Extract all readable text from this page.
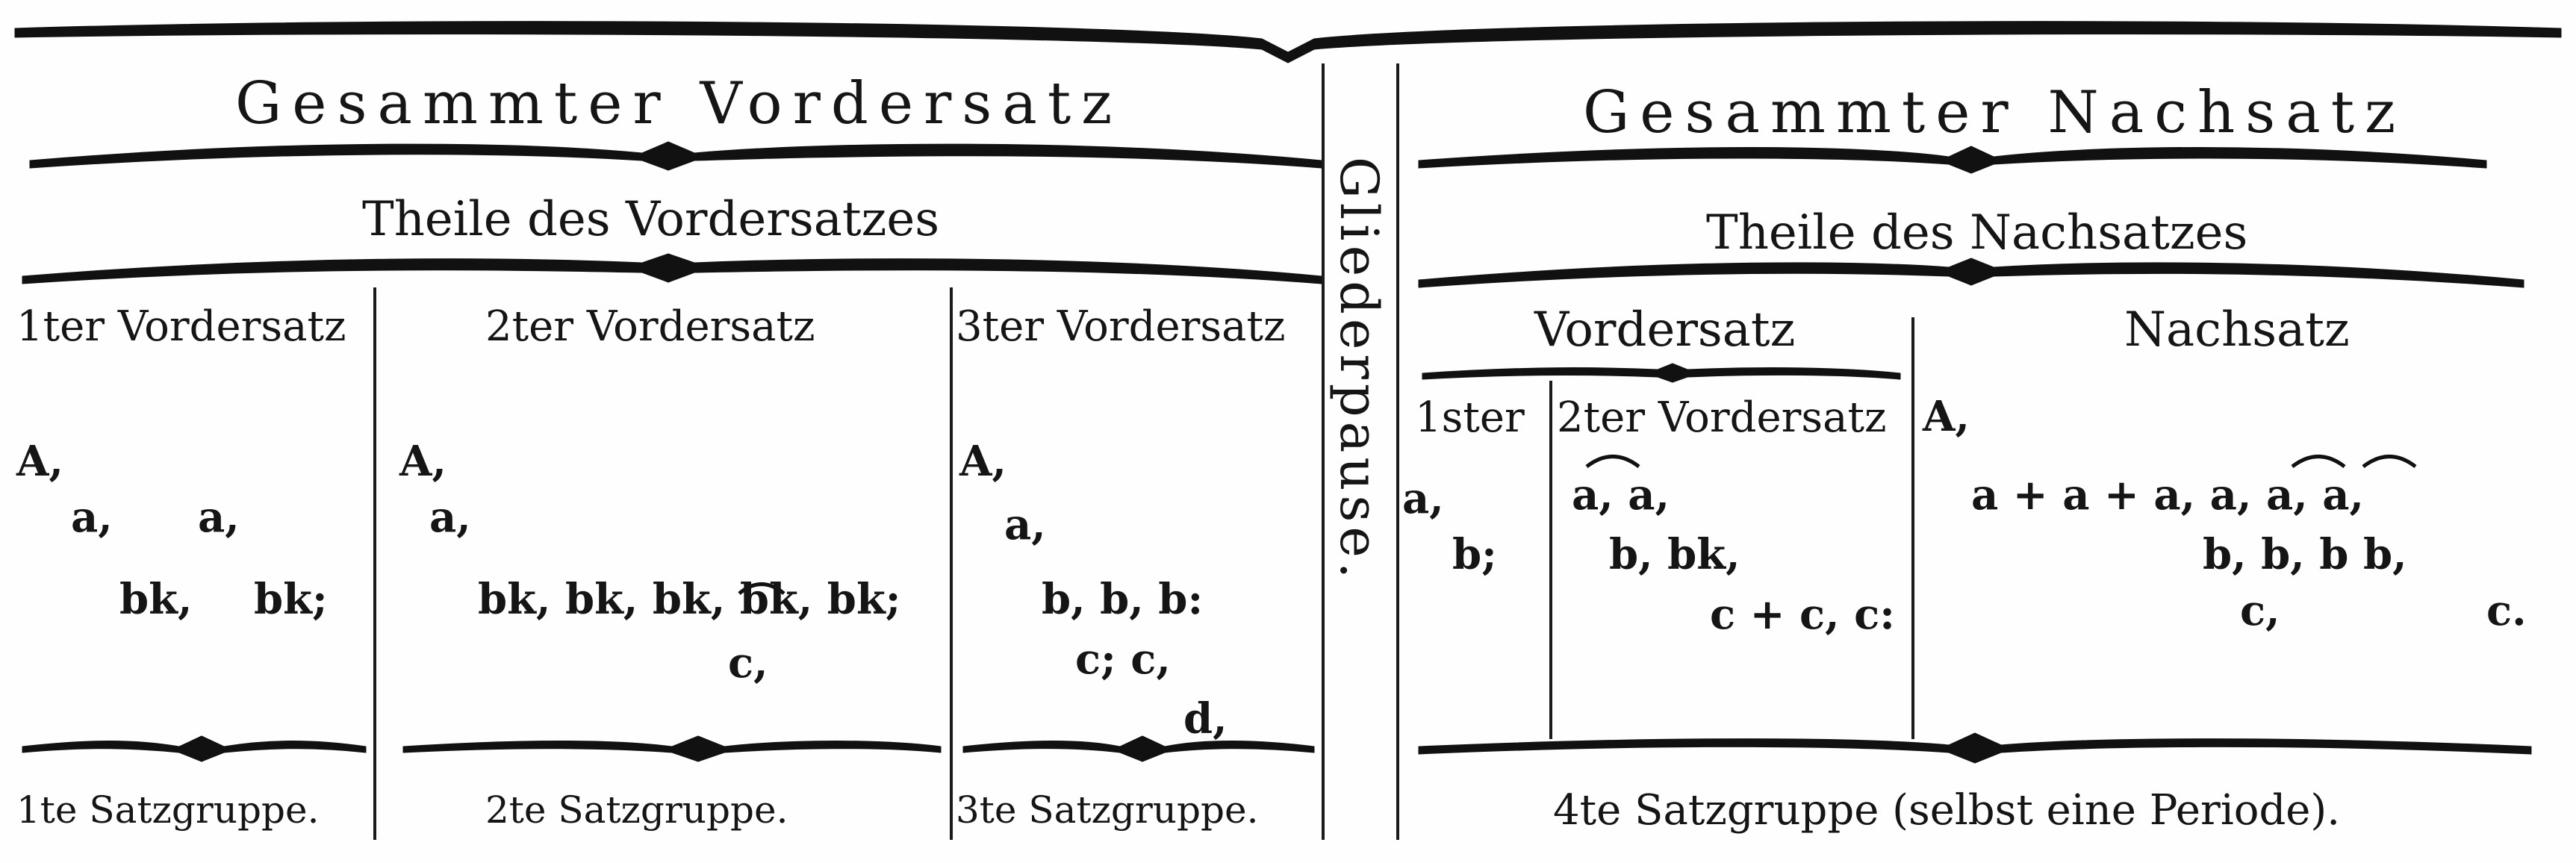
Gesammter Vordersatz
Theile des Vordersatzes
1ter Vordersatz
A,
a, a,
bk, bk;
1te Satzgruppe.
2ter Vordersatz
A,
a,
bk, bk, bk, bk, bk;
c,
2te Satzgruppe.
3ter Vordersatz
A,
a,
b, b, b:
c; c,
d,
3te Satzgruppe.
Gliederpause.
Gesammter Nachsatz
Theile des Nachsatzes
Vordersatz	Nachsatz
1ster 2ter Vordersatz
a,
b;
a, a,
b, bk,
c + c, c:
A,
a + a + a, a, a, a,
b, b, b b,
c,	c.
4te Satzgruppe (selbst eine Periode).
